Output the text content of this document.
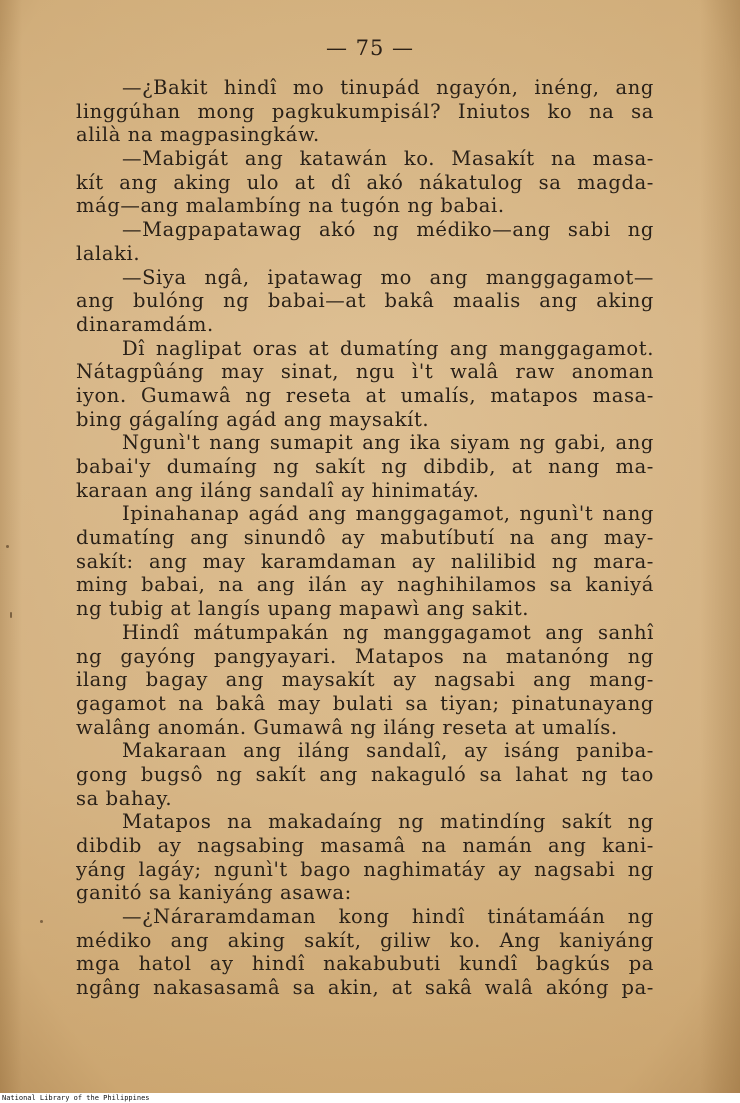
— 75 —
—¿Bakit hindî mo tinupád ngayón, inéng, ang
linggúhan mong pagkukumpisál? Iniutos ko na sa
alilà na magpasingkáw.
—Mabigát ang katawán ko. Masakít na masa-
kít ang aking ulo at dî akó nákatulog sa magda-
mág—ang malambíng na tugón ng babai.
—Magpapatawag akó ng médiko—ang sabi ng
lalaki.
—Siya ngâ, ipatawag mo ang manggagamot—
ang bulóng ng babai—at bakâ maalis ang aking
dinaramdám.
Dî naglipat oras at dumatíng ang manggagamot.
Nátagpûáng may sinat, ngu ì't walâ raw anoman
iyon. Gumawâ ng reseta at umalís, matapos masa-
bing gágalíng agád ang maysakít.
Ngunì't nang sumapit ang ika siyam ng gabi, ang
babai'y dumaíng ng sakít ng dibdib, at nang ma-
karaan ang iláng sandalî ay hinimatáy.
Ipinahanap agád ang manggagamot, ngunì't nang
dumatíng ang sinundô ay mabutíbutí na ang may-
sakít: ang may karamdaman ay nalilibid ng mara-
ming babai, na ang ilán ay naghihilamos sa kaniyá
ng tubig at langís upang mapawì ang sakit.
Hindî mátumpakán ng manggagamot ang sanhî
ng gayóng pangyayari. Matapos na matanóng ng
ilang bagay ang maysakít ay nagsabi ang mang-
gagamot na bakâ may bulati sa tiyan; pinatunayang
walâng anomán. Gumawâ ng iláng reseta at umalís.
Makaraan ang iláng sandalî, ay isáng paniba-
gong bugsô ng sakít ang nakaguló sa lahat ng tao
sa bahay.
Matapos na makadaíng ng matindíng sakít ng
dibdib ay nagsabing masamâ na namán ang kani-
yáng lagáy; ngunì't bago naghimatáy ay nagsabi ng
ganitó sa kaniyáng asawa:
—¿Nárаramdaman kong hindî tinátamáán ng
médiko ang aking sakít, giliw ko. Ang kaniyáng
mga hatol ay hindî nakabubuti kundî bagkús pa
ngâng nakasasamâ sa akin, at sakâ walâ akóng pa-
National Library of the Philippines
